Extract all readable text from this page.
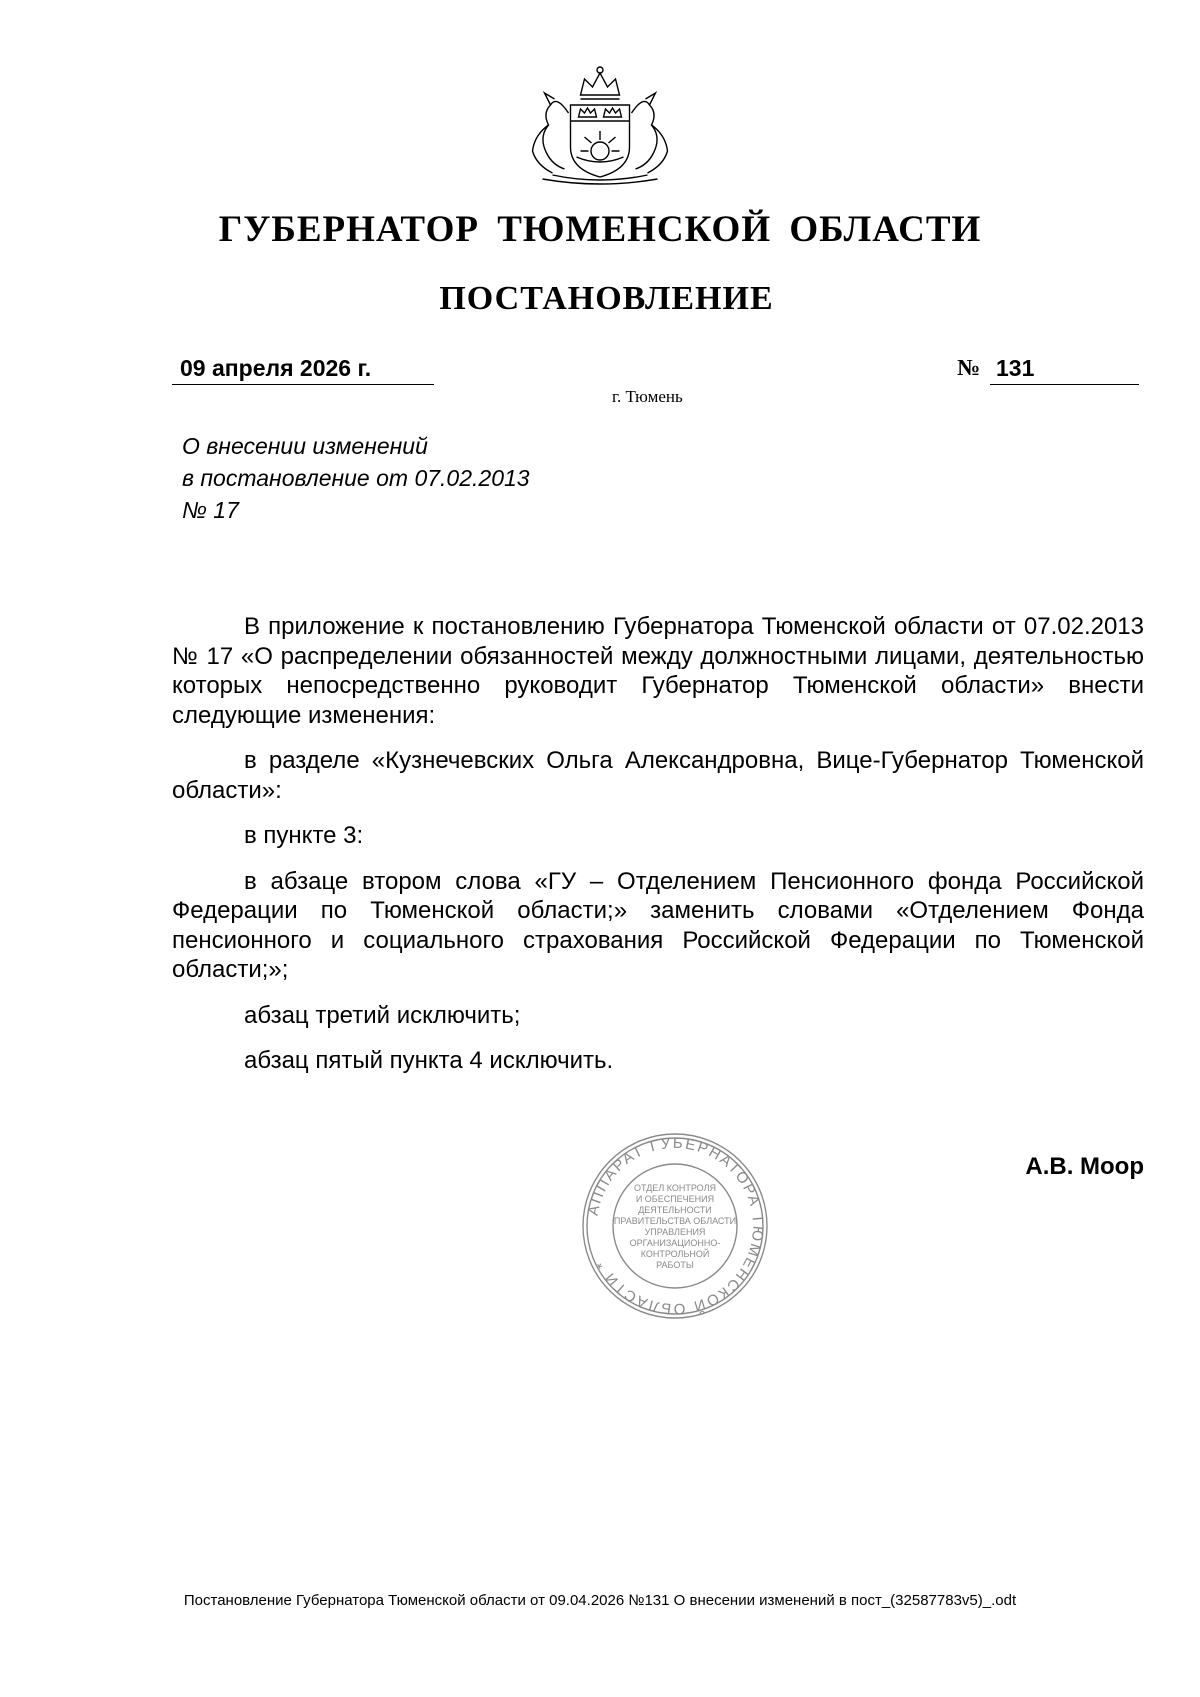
ГУБЕРНАТОР ТЮМЕНСКОЙ ОБЛАСТИ
ПОСТАНОВЛЕНИЕ
09 апреля 2026 г.	№ 131
г. Тюмень
О внесении изменений
в постановление от 07.02.2013
№ 17

В приложение к постановлению Губернатора Тюменской области от 07.02.2013 № 17 «О распределении обязанностей между должностными лицами, деятельностью которых непосредственно руководит Губернатор Тюменской области» внести следующие изменения:

в разделе «Кузнечевских Ольга Александровна, Вице-Губернатор Тюменской области»:

в пункте 3:

в абзаце втором слова «ГУ – Отделением Пенсионного фонда Российской Федерации по Тюменской области;» заменить словами «Отделением Фонда пенсионного и социального страхования Российской Федерации по Тюменской области;»;

абзац третий исключить;

абзац пятый пункта 4 исключить.

АППАРАТ ГУБЕРНАТОРА ТЮМЕНСКОЙ ОБЛАСТИ *
ОТДЕЛ КОНТРОЛЯ
И ОБЕСПЕЧЕНИЯ
ДЕЯТЕЛЬНОСТИ
ПРАВИТЕЛЬСТВА ОБЛАСТИ
УПРАВЛЕНИЯ
ОРГАНИЗАЦИОННО-
КОНТРОЛЬНОЙ
РАБОТЫ
А.В. Моор
Постановление Губернатора Тюменской области от 09.04.2026 №131 О внесении изменений в пост_(32587783v5)_.odt
